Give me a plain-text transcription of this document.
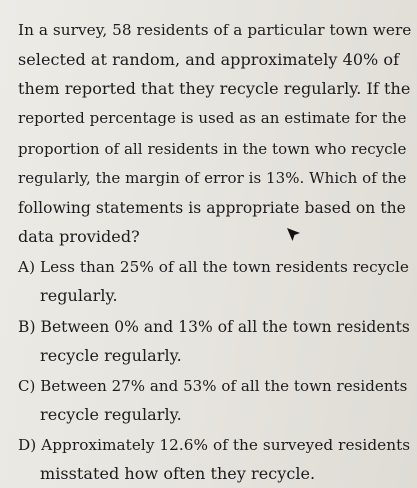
In a survey, 58 residents of a particular town were
selected at random, and approximately 40% of
them reported that they recycle regularly. If the
reported percentage is used as an estimate for the
proportion of all residents in the town who recycle
regularly, the margin of error is 13%. Which of the
following statements is appropriate based on the
data provided?
A) Less than 25% of all the town residents recycle
regularly.
B) Between 0% and 13% of all the town residents
recycle regularly.
C) Between 27% and 53% of all the town residents
recycle regularly.
D) Approximately 12.6% of the surveyed residents
misstated how often they recycle.
